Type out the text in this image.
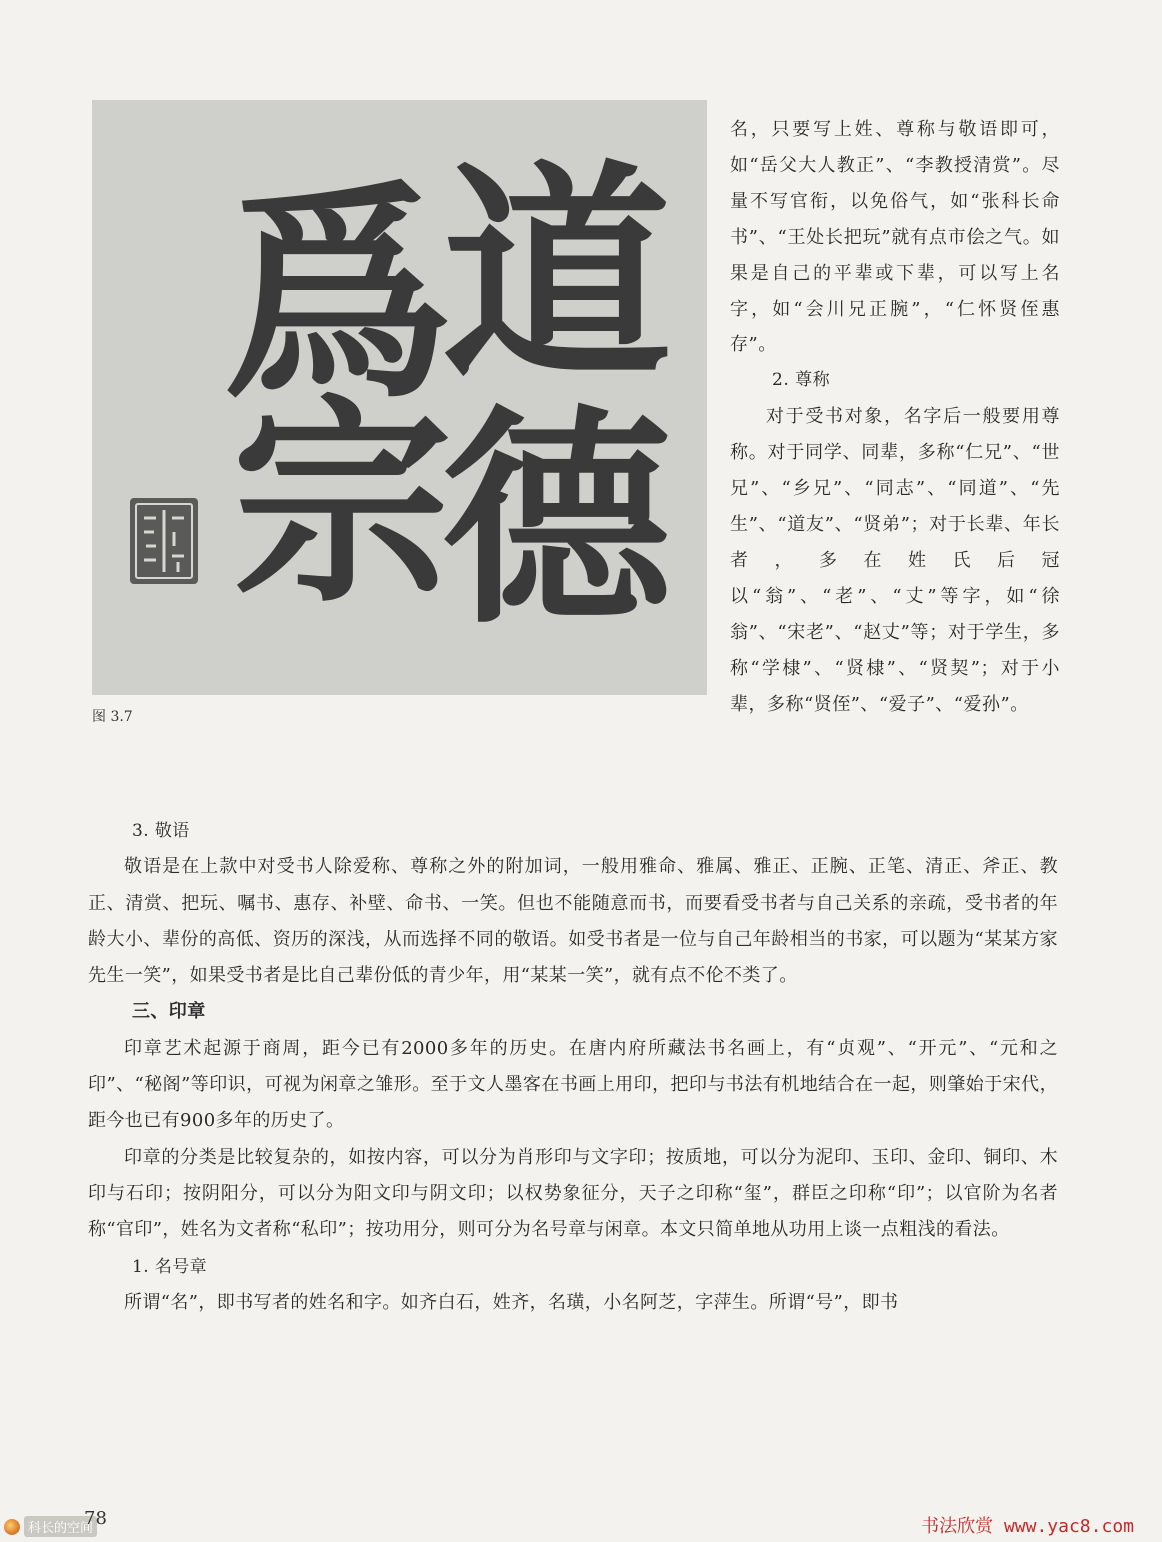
道
德
爲
宗
图 3.7

名，只要写上姓、尊称与敬语即可，如“岳父大人教正”、“李教授清赏”。尽量不写官衔，以免俗气，如“张科长命书”、“王处长把玩”就有点市侩之气。如果是自己的平辈或下辈，可以写上名字，如“会川兄正腕”，“仁怀贤侄惠存”。

2. 尊称

对于受书对象，名字后一般要用尊称。对于同学、同辈，多称“仁兄”、“世兄”、“乡兄”、“同志”、“同道”、“先生”、“道友”、“贤弟”；对于长辈、年长者，多在姓氏后冠以“翁”、“老”、“丈”等字，如“徐翁”、“宋老”、“赵丈”等；对于学生，多称“学棣”、“贤棣”、“贤契”；对于小辈，多称“贤侄”、“爱子”、“爱孙”。

3. 敬语

敬语是在上款中对受书人除爱称、尊称之外的附加词，一般用雅命、雅属、雅正、正腕、正笔、清正、斧正、教正、清赏、把玩、嘱书、惠存、补壁、命书、一笑。但也不能随意而书，而要看受书者与自己关系的亲疏，受书者的年龄大小、辈份的高低、资历的深浅，从而选择不同的敬语。如受书者是一位与自己年龄相当的书家，可以题为“某某方家先生一笑”，如果受书者是比自己辈份低的青少年，用“某某一笑”，就有点不伦不类了。

三、印章

印章艺术起源于商周，距今已有2000多年的历史。在唐内府所藏法书名画上，有“贞观”、“开元”、“元和之印”、“秘阁”等印识，可视为闲章之雏形。至于文人墨客在书画上用印，把印与书法有机地结合在一起，则肇始于宋代，距今也已有900多年的历史了。

印章的分类是比较复杂的，如按内容，可以分为肖形印与文字印；按质地，可以分为泥印、玉印、金印、铜印、木印与石印；按阴阳分，可以分为阳文印与阴文印；以权势象征分，天子之印称“玺”，群臣之印称“印”；以官阶为名者称“官印”，姓名为文者称“私印”；按功用分，则可分为名号章与闲章。本文只简单地从功用上谈一点粗浅的看法。

1. 名号章

所谓“名”，即书写者的姓名和字。如齐白石，姓齐，名璜，小名阿芝，字萍生。所谓“号”，即书

科长的空间
78	书法欣赏 www.yac8.com
